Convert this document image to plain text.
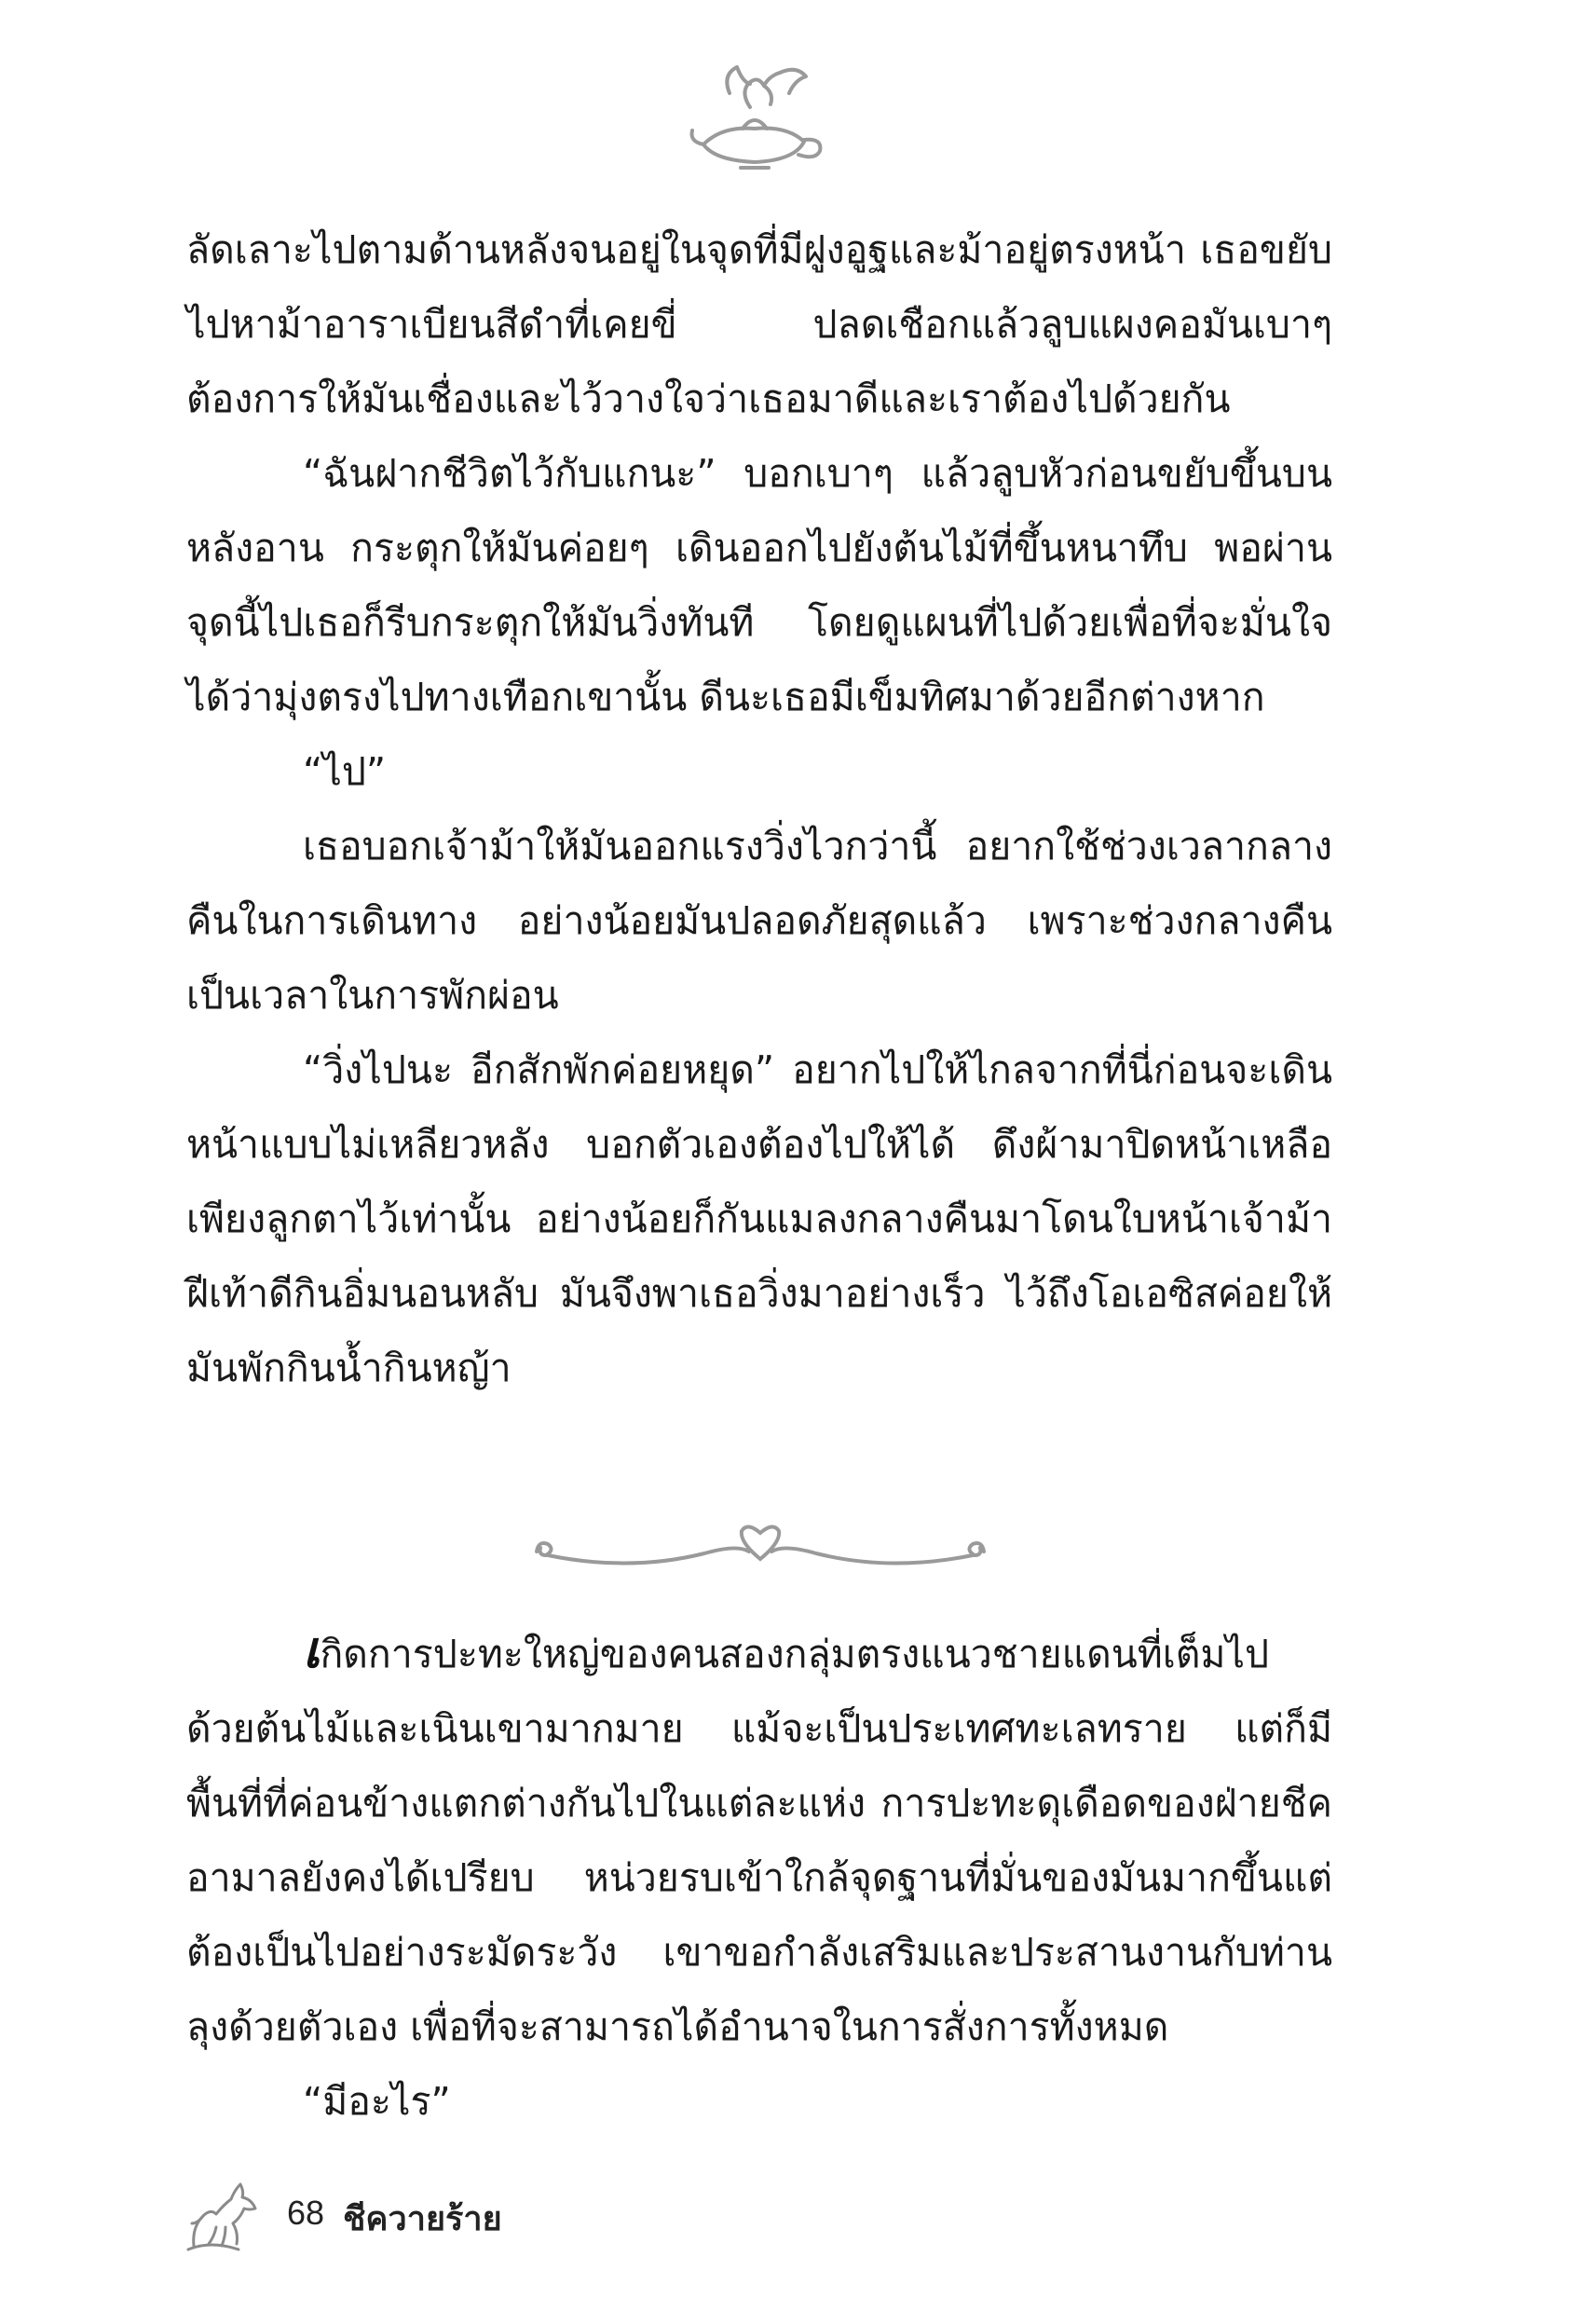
ลัดเลาะไปตามด้านหลังจนอยู่ในจุดที่มีฝูงอูฐและม้าอยู่ตรงหน้า เธอขยับไปหาม้าอาราเบียนสีดำที่เคยขี่ ปลดเชือกแล้วลูบแผงคอมันเบาๆ ต้องการให้มันเชื่องและไว้วางใจว่าเธอมาดีและเราต้องไปด้วยกัน

“ฉันฝากชีวิตไว้กับแกนะ” บอกเบาๆ แล้วลูบหัวก่อนขยับขึ้นบนหลังอาน กระตุกให้มันค่อยๆ เดินออกไปยังต้นไม้ที่ขึ้นหนาทึบ พอผ่านจุดนี้ไปเธอก็รีบกระตุกให้มันวิ่งทันที โดยดูแผนที่ไปด้วยเพื่อที่จะมั่นใจได้ว่ามุ่งตรงไปทางเทือกเขานั้น ดีนะเธอมีเข็มทิศมาด้วยอีกต่างหาก

“ไป”

เธอบอกเจ้าม้าให้มันออกแรงวิ่งไวกว่านี้ อยากใช้ช่วงเวลากลางคืนในการเดินทาง อย่างน้อยมันปลอดภัยสุดแล้ว เพราะช่วงกลางคืนเป็นเวลาในการพักผ่อน

“วิ่งไปนะ อีกสักพักค่อยหยุด” อยากไปให้ไกลจากที่นี่ก่อนจะเดินหน้าแบบไม่เหลียวหลัง บอกตัวเองต้องไปให้ได้ ดึงผ้ามาปิดหน้าเหลือเพียงลูกตาไว้เท่านั้น อย่างน้อยก็กันแมลงกลางคืนมาโดนใบหน้าเจ้าม้าฝีเท้าดีกินอิ่มนอนหลับ มันจึงพาเธอวิ่งมาอย่างเร็ว ไว้ถึงโอเอซิสค่อยให้มันพักกินน้ำกินหญ้า

เกิดการปะทะใหญ่ของคนสองกลุ่มตรงแนวชายแดนที่เต็มไปด้วยต้นไม้และเนินเขามากมาย แม้จะเป็นประเทศทะเลทราย แต่ก็มีพื้นที่ที่ค่อนข้างแตกต่างกันไปในแต่ละแห่ง การปะทะดุเดือดของฝ่ายชีคอามาลยังคงได้เปรียบ หน่วยรบเข้าใกล้จุดฐานที่มั่นของมันมากขึ้นแต่ต้องเป็นไปอย่างระมัดระวัง เขาขอกำลังเสริมและประสานงานกับท่านลุงด้วยตัวเอง เพื่อที่จะสามารถได้อำนาจในการสั่งการทั้งหมด

“มีอะไร”

68 ชีควายร้าย
